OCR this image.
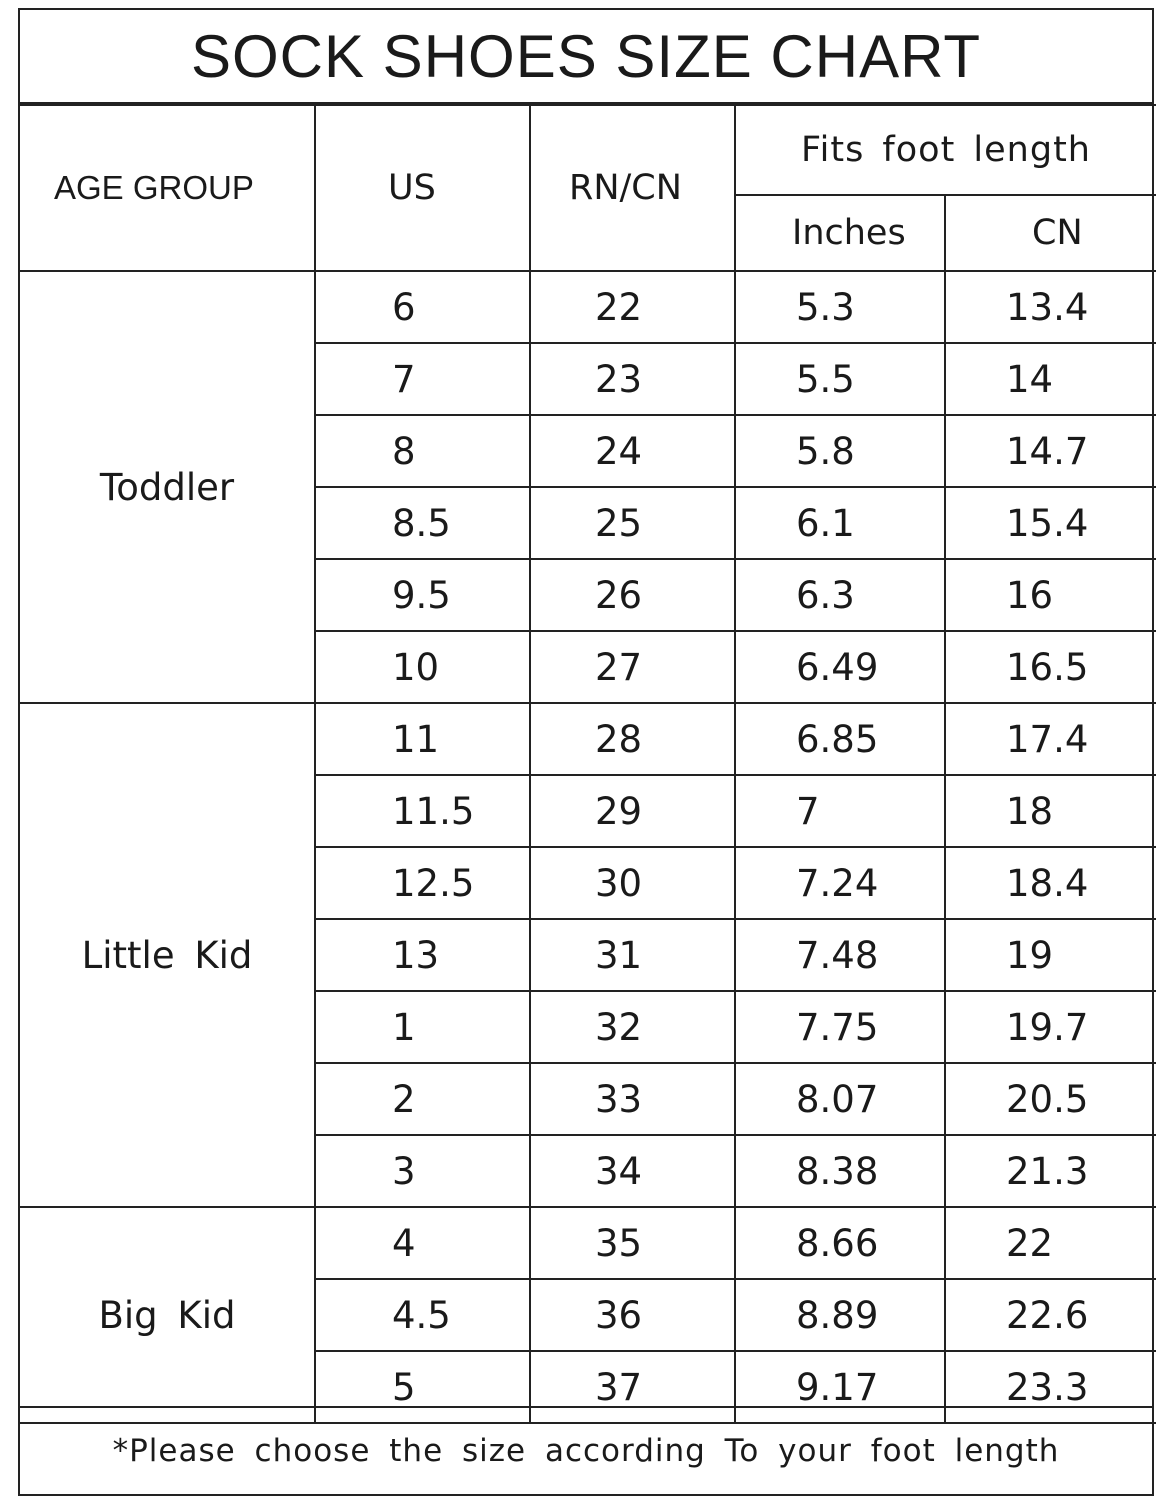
SOCK SHOES SIZE CHART
AGE GROUP	US	RN/CN	Fits foot length	
			Inches	CN
Toddler	6	22	5.3	13.4
	7	23	5.5	14
	8	24	5.8	14.7
	8.5	25	6.1	15.4
	9.5	26	6.3	16
	10	27	6.49	16.5
Little Kid	11	28	6.85	17.4
	11.5	29	7	18
	12.5	30	7.24	18.4
	13	31	7.48	19
	1	32	7.75	19.7
	2	33	8.07	20.5
	3	34	8.38	21.3
Big Kid	4	35	8.66	22
	4.5	36	8.89	22.6
	5	37	9.17	23.3
*Please choose the size according To your foot length
